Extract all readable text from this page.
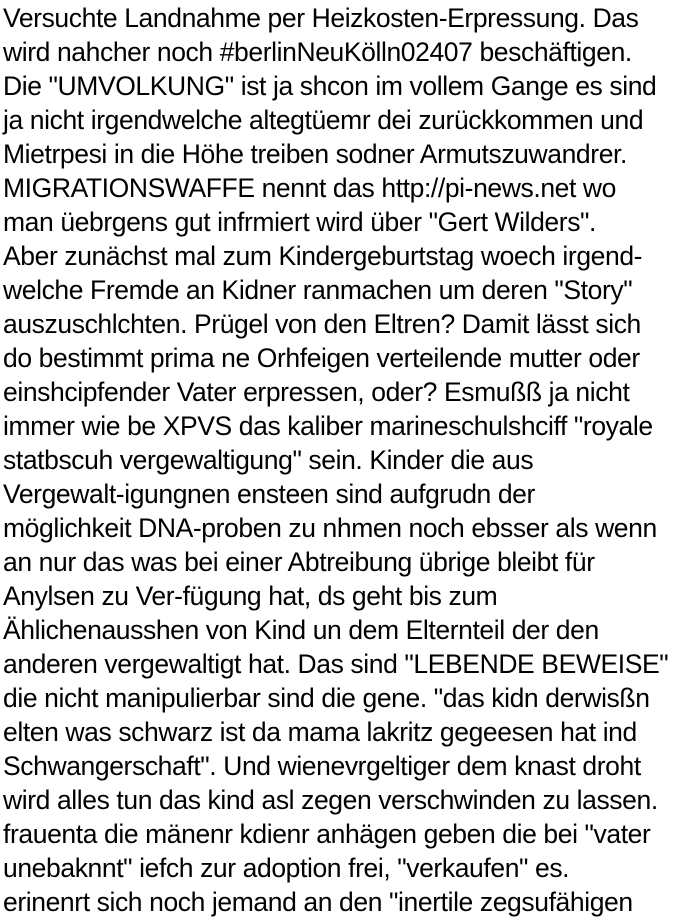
Versuchte Landnahme per Heizkosten-Erpressung. Das
wird nahcher noch #berlinNeuKölln02407 beschäftigen.
Die "UMVOLKUNG" ist ja shcon im vollem Gange es sind
ja nicht irgendwelche altegtüemr dei zurückkommen und
Mietrpesi in die Höhe treiben sodner Armutszuwandrer.
MIGRATIONSWAFFE nennt das http://pi-news.net wo
man üebrgens gut infrmiert wird über "Gert Wilders".
Aber zunächst mal zum Kindergeburtstag woech irgend-
welche Fremde an Kidner ranmachen um deren "Story"
auszuschlchten. Prügel von den Eltren? Damit lässt sich
do bestimmt prima ne Orhfeigen verteilende mutter oder
einshcipfender Vater erpressen, oder? Esmußß ja nicht
immer wie be XPVS das kaliber marineschulshciff "royale
statbscuh vergewaltigung" sein. Kinder die aus
Vergewalt-igungnen ensteen sind aufgrudn der
möglichkeit DNA-proben zu nhmen noch ebsser als wenn
an nur das was bei einer Abtreibung übrige bleibt für
Anylsen zu Ver-fügung hat, ds geht bis zum
Ählichenausshen von Kind un dem Elternteil der den
anderen vergewaltigt hat. Das sind "LEBENDE BEWEISE"
die nicht manipulierbar sind die gene. "das kidn derwisßn
elten was schwarz ist da mama lakritz gegeesen hat ind
Schwangerschaft". Und wienevrgeltiger dem knast droht
wird alles tun das kind asl zegen verschwinden zu lassen.
frauenta die mänenr kdienr anhägen geben die bei "vater
unebaknnt" iefch zur adoption frei, "verkaufen" es.
erinenrt sich noch jemand an den "inertile zegsufähigen
